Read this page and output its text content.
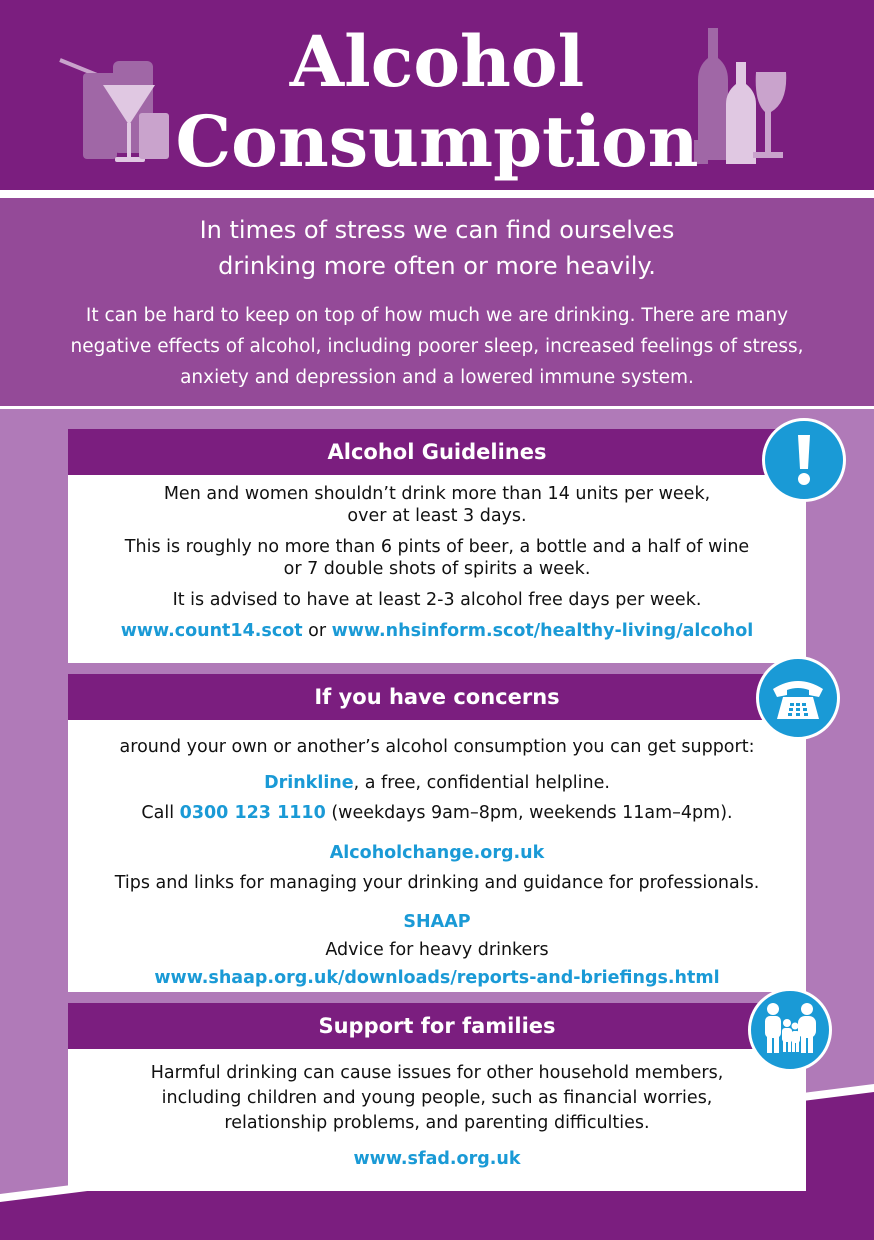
Alcohol
Consumption

In times of stress we can find ourselves
drinking more often or more heavily.

It can be hard to keep on top of how much we are drinking. There are many negative effects of alcohol, including poorer sleep, increased feelings of stress, anxiety and depression and a lowered immune system.

Alcohol Guidelines

Men and women shouldn’t drink more than 14 units per week,
over at least 3 days.

This is roughly no more than 6 pints of beer, a bottle and a half of wine
or 7 double shots of spirits a week.

It is advised to have at least 2-3 alcohol free days per week.

www.count14.scot or www.nhsinform.scot/healthy-living/alcohol

If you have concerns

around your own or another’s alcohol consumption you can get support:

Drinkline, a free, confidential helpline.
Call 0300 123 1110 (weekdays 9am–8pm, weekends 11am–4pm).

Alcoholchange.org.uk
Tips and links for managing your drinking and guidance for professionals.

SHAAP
Advice for heavy drinkers
www.shaap.org.uk/downloads/reports-and-briefings.html

Support for families

Harmful drinking can cause issues for other household members,
including children and young people, such as financial worries,
relationship problems, and parenting difficulties.

www.sfad.org.uk
